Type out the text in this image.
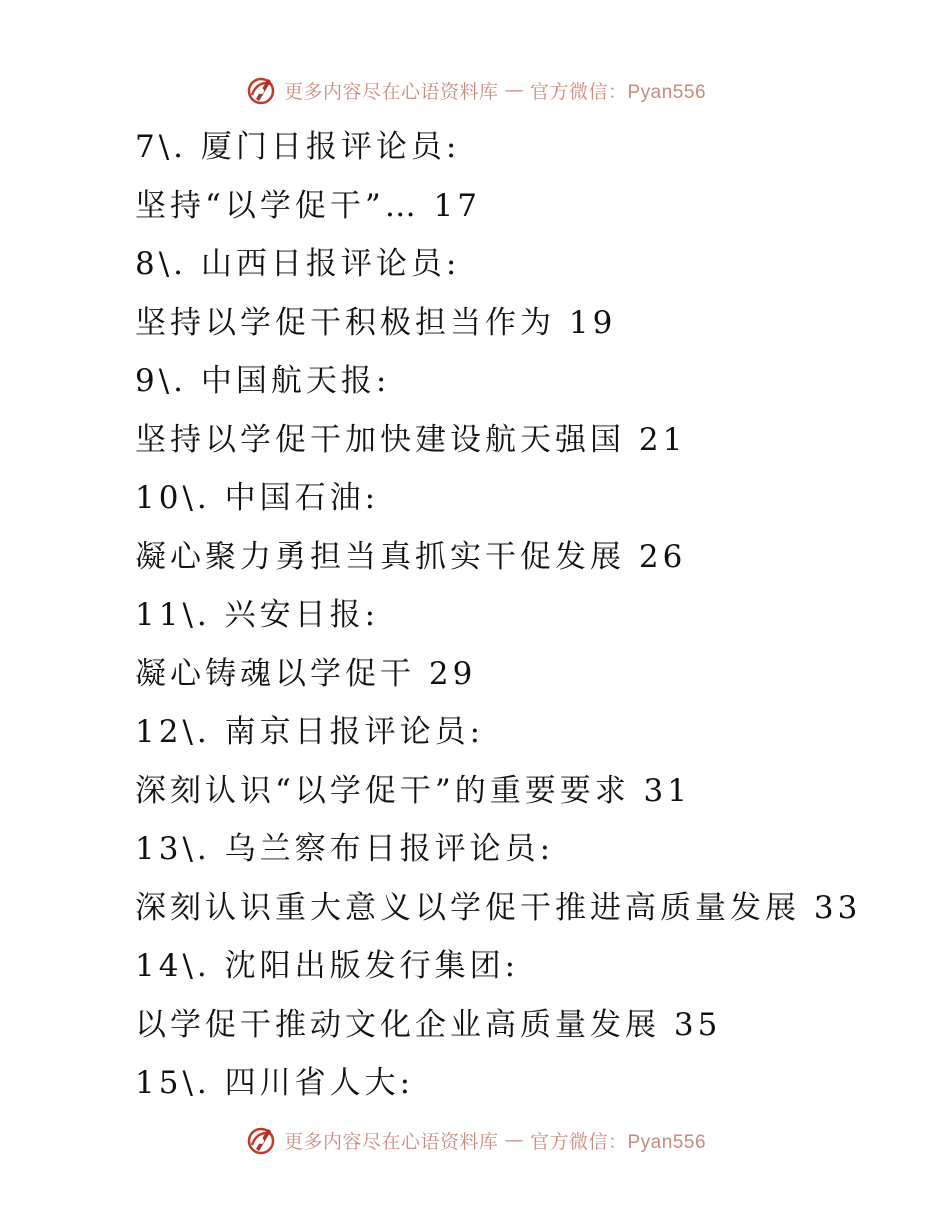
更多内容尽在心语资料库 — 官方微信：Pyan556
7\. 厦门日报评论员:
坚持“以学促干”… 17
8\. 山西日报评论员:
坚持以学促干积极担当作为 19
9\. 中国航天报:
坚持以学促干加快建设航天强国 21
10\. 中国石油:
凝心聚力勇担当真抓实干促发展 26
11\. 兴安日报:
凝心铸魂以学促干 29
12\. 南京日报评论员:
深刻认识“以学促干”的重要要求 31
13\. 乌兰察布日报评论员:
深刻认识重大意义以学促干推进高质量发展 33
14\. 沈阳出版发行集团:
以学促干推动文化企业高质量发展 35
15\. 四川省人大:
更多内容尽在心语资料库 — 官方微信：Pyan556
